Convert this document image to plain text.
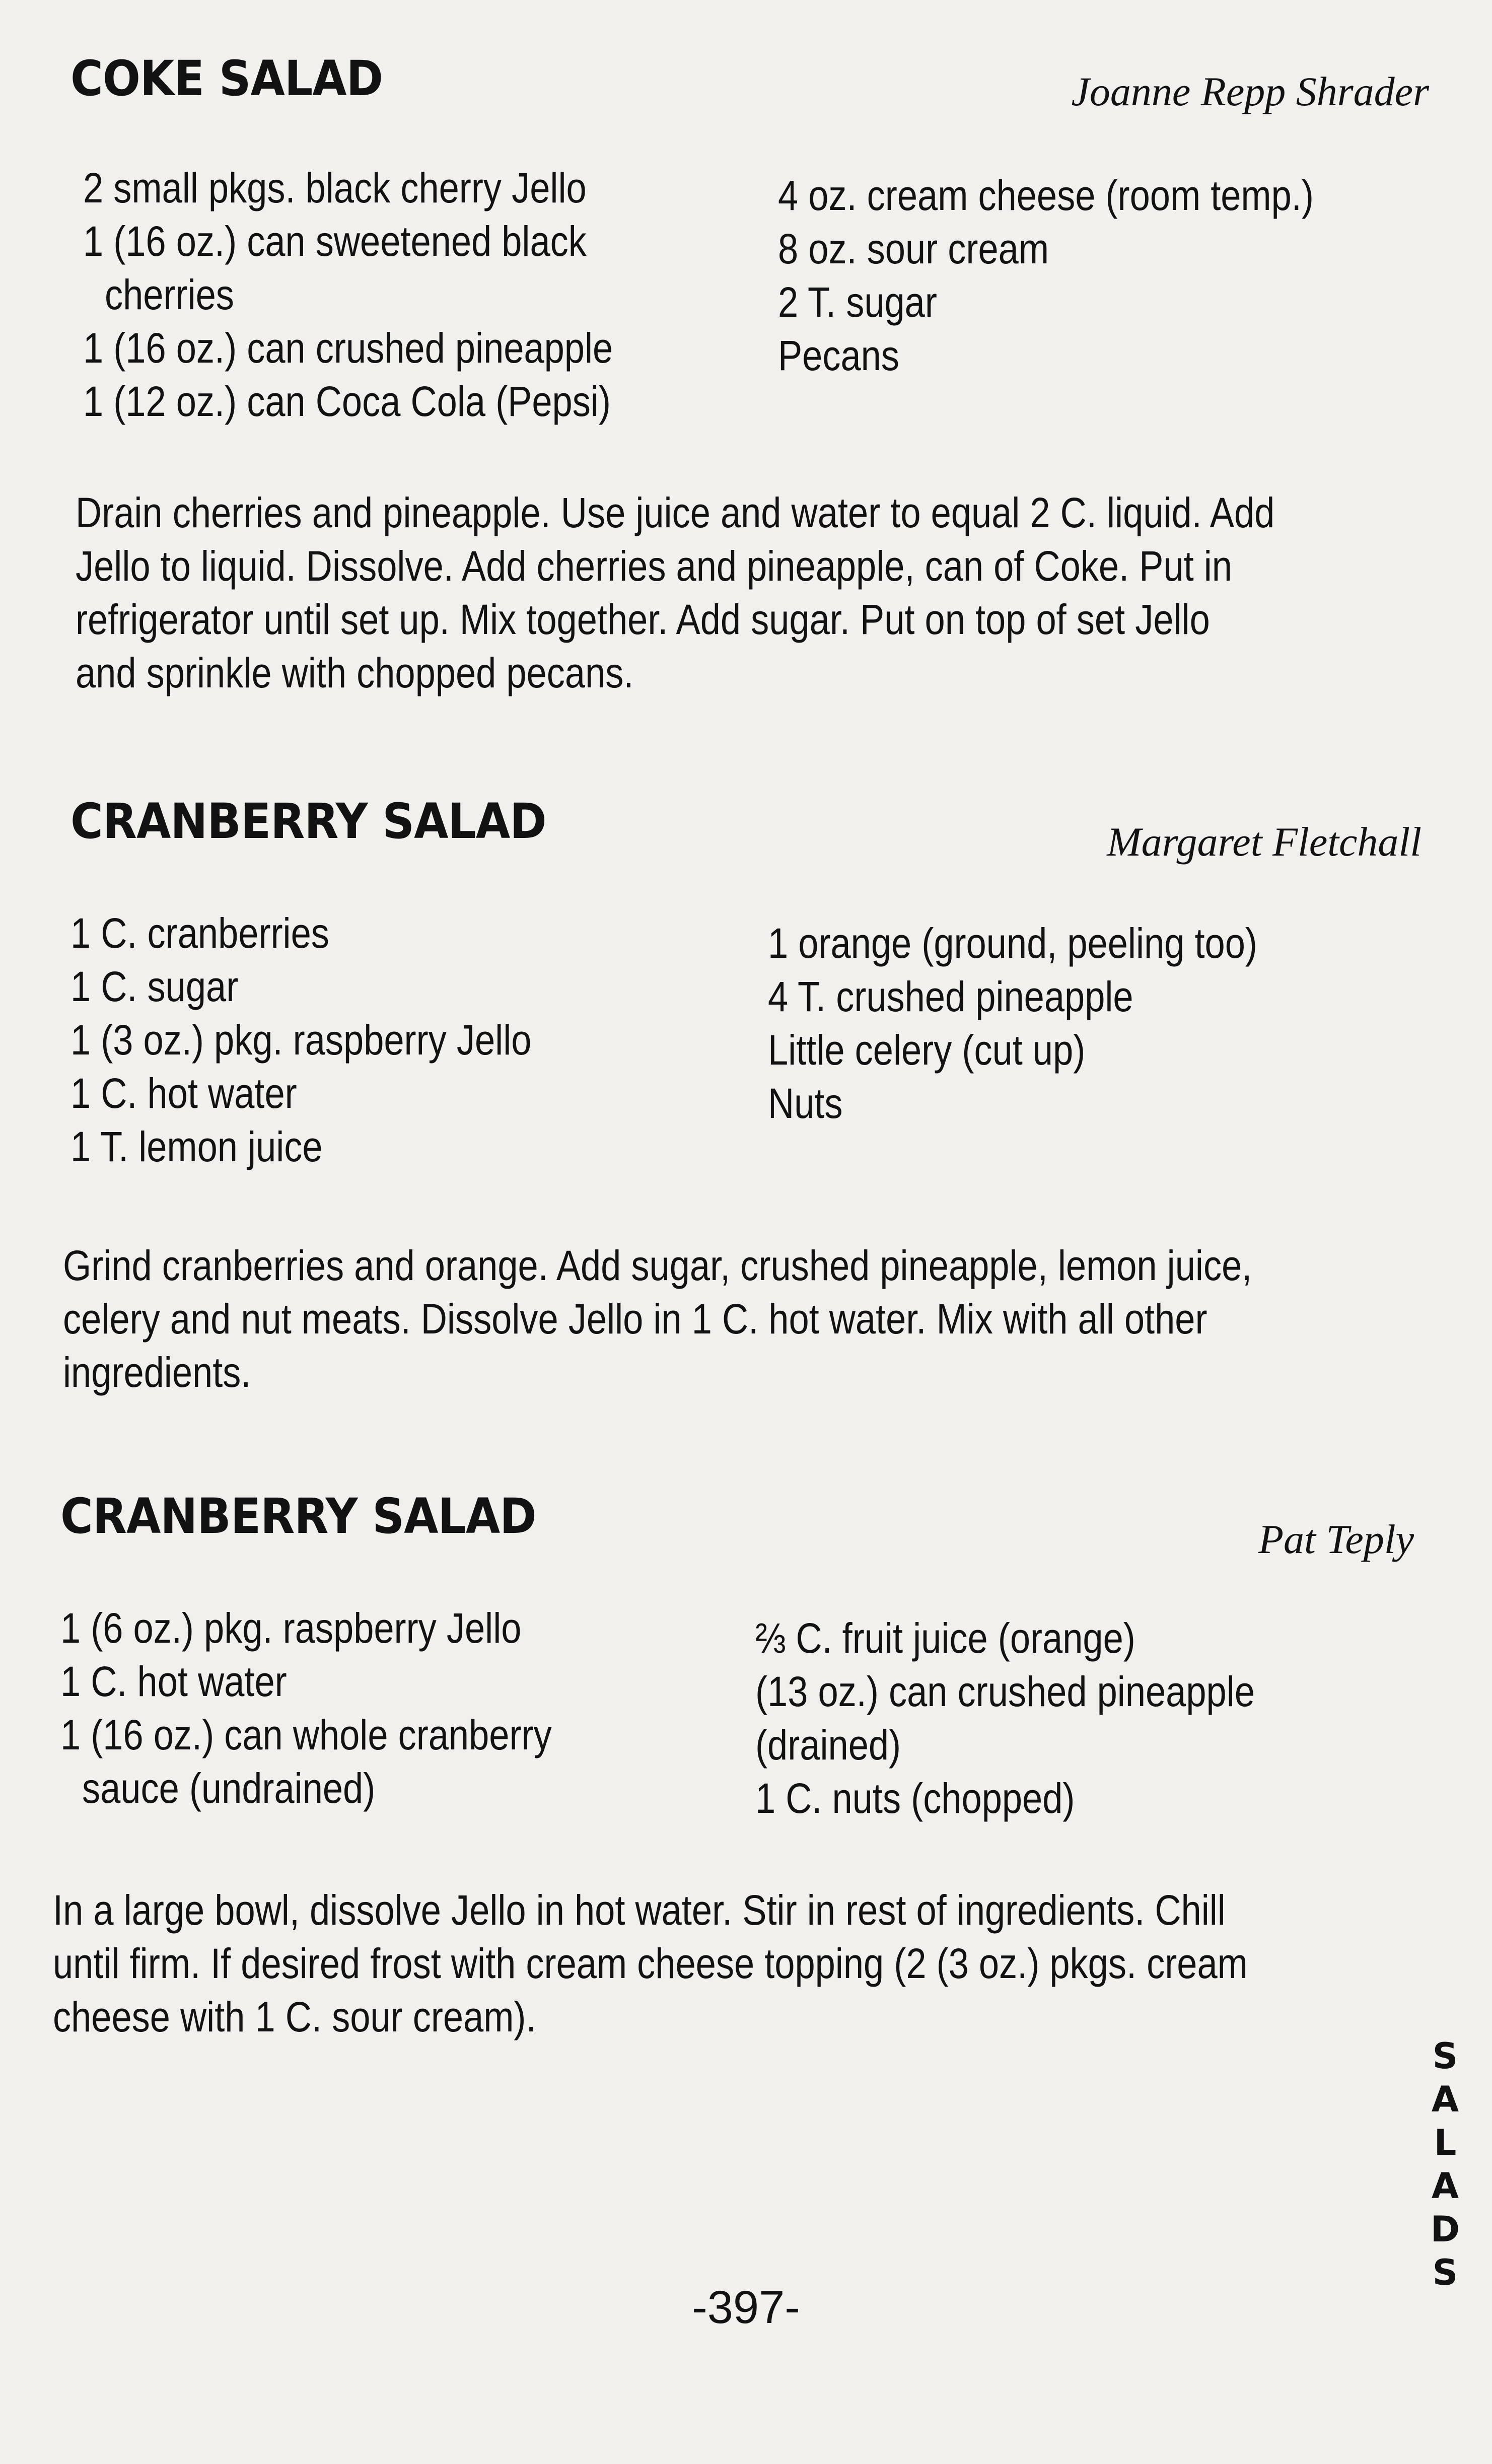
COKE SALAD	Joanne Repp Shrader
2 small pkgs. black cherry Jello
1 (16 oz.) can sweetened black
cherries
1 (16 oz.) can crushed pineapple
1 (12 oz.) can Coca Cola (Pepsi)
4 oz. cream cheese (room temp.)
8 oz. sour cream
2 T. sugar
Pecans
Drain cherries and pineapple. Use juice and water to equal 2 C. liquid. Add
Jello to liquid. Dissolve. Add cherries and pineapple, can of Coke. Put in
refrigerator until set up. Mix together. Add sugar. Put on top of set Jello
and sprinkle with chopped pecans.
CRANBERRY SALAD	Margaret Fletchall
1 C. cranberries
1 C. sugar
1 (3 oz.) pkg. raspberry Jello
1 C. hot water
1 T. lemon juice
1 orange (ground, peeling too)
4 T. crushed pineapple
Little celery (cut up)
Nuts
Grind cranberries and orange. Add sugar, crushed pineapple, lemon juice,
celery and nut meats. Dissolve Jello in 1 C. hot water. Mix with all other
ingredients.
CRANBERRY SALAD	Pat Teply
1 (6 oz.) pkg. raspberry Jello
1 C. hot water
1 (16 oz.) can whole cranberry
sauce (undrained)
⅔ C. fruit juice (orange)
(13 oz.) can crushed pineapple
(drained)
1 C. nuts (chopped)
In a large bowl, dissolve Jello in hot water. Stir in rest of ingredients. Chill
until firm. If desired frost with cream cheese topping (2 (3 oz.) pkgs. cream
cheese with 1 C. sour cream).
-397-
S
A
L
A
D
S
